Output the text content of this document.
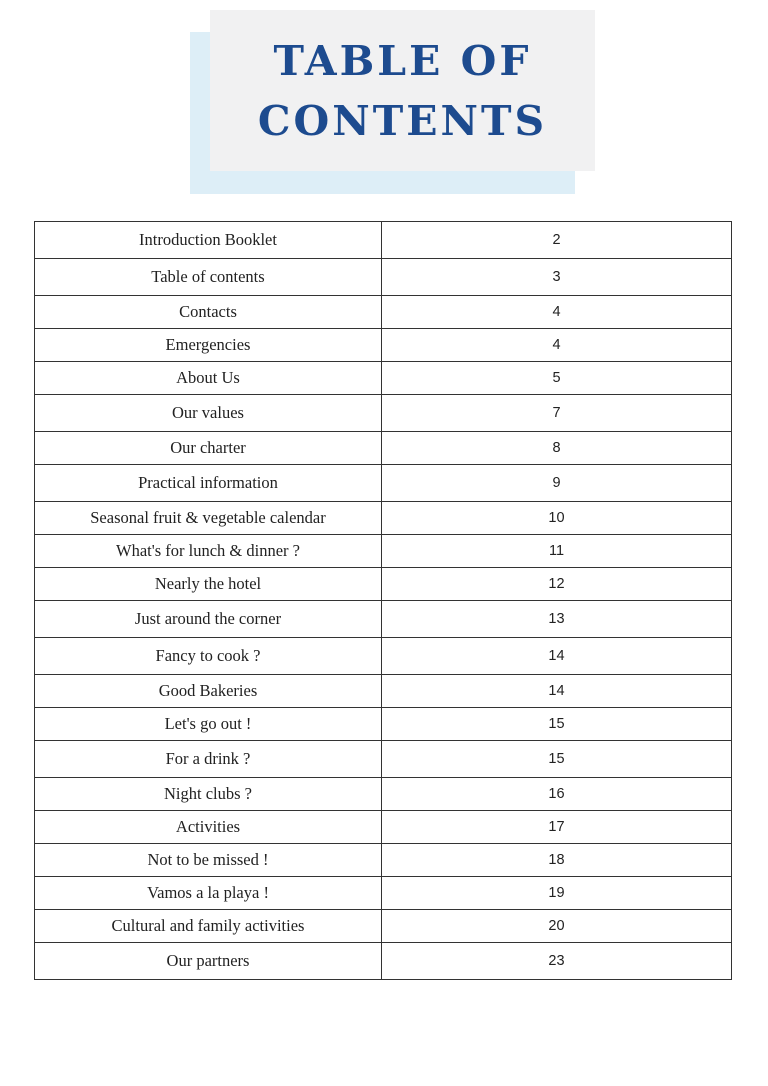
TABLE OF
CONTENTS
Introduction Booklet	2
Table of contents	3
Contacts	4
Emergencies	4
About Us	5
Our values	7
Our charter	8
Practical information	9
Seasonal fruit & vegetable calendar	10
What's for lunch & dinner ?	11
Nearly the hotel	12
Just around the corner	13
Fancy to cook ?	14
Good Bakeries	14
Let's go out !	15
For a drink ?	15
Night clubs ?	16
Activities	17
Not to be missed !	18
Vamos a la playa !	19
Cultural and family activities	20
Our partners	23
